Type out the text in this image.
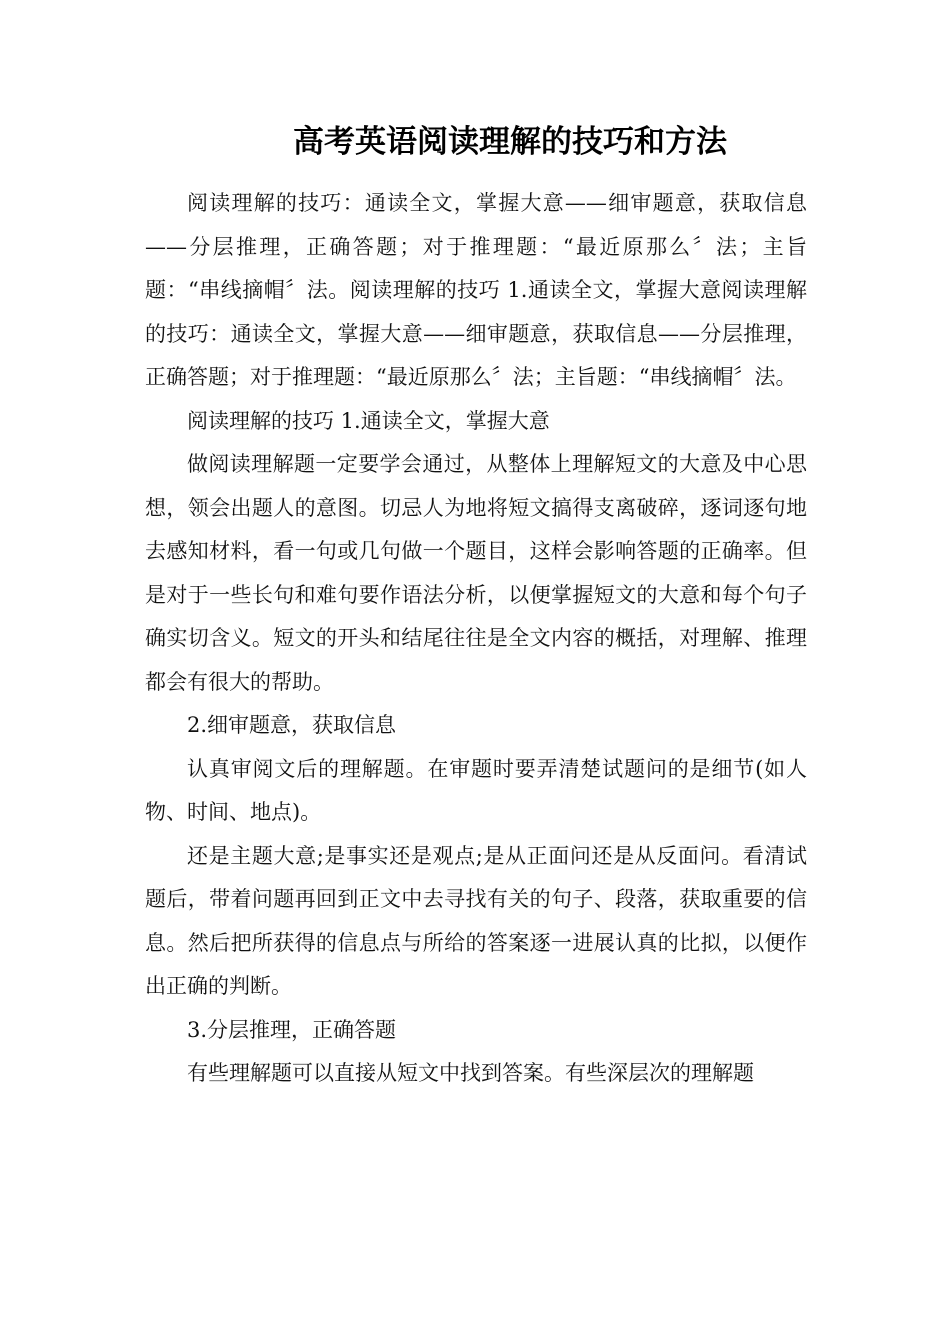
高考英语阅读理解的技巧和方法

阅读理解的技巧：通读全文，掌握大意——细审题意，获取信息——分层推理，正确答题；对于推理题：“最近原那么〞法；主旨题：“串线摘帽〞法。阅读理解的技巧 1.通读全文，掌握大意阅读理解的技巧：通读全文，掌握大意——细审题意，获取信息——分层推理，正确答题；对于推理题：“最近原那么〞法；主旨题：“串线摘帽〞法。

阅读理解的技巧 1.通读全文，掌握大意

做阅读理解题一定要学会通过，从整体上理解短文的大意及中心思想，领会出题人的意图。切忌人为地将短文搞得支离破碎，逐词逐句地去感知材料，看一句或几句做一个题目，这样会影响答题的正确率。但是对于一些长句和难句要作语法分析，以便掌握短文的大意和每个句子确实切含义。短文的开头和结尾往往是全文内容的概括，对理解、推理都会有很大的帮助。

2.细审题意，获取信息

认真审阅文后的理解题。在审题时要弄清楚试题问的是细节(如人物、时间、地点)。

还是主题大意;是事实还是观点;是从正面问还是从反面问。看清试题后，带着问题再回到正文中去寻找有关的句子、段落，获取重要的信息。然后把所获得的信息点与所给的答案逐一进展认真的比拟，以便作出正确的判断。

3.分层推理，正确答题

有些理解题可以直接从短文中找到答案。有些深层次的理解题
